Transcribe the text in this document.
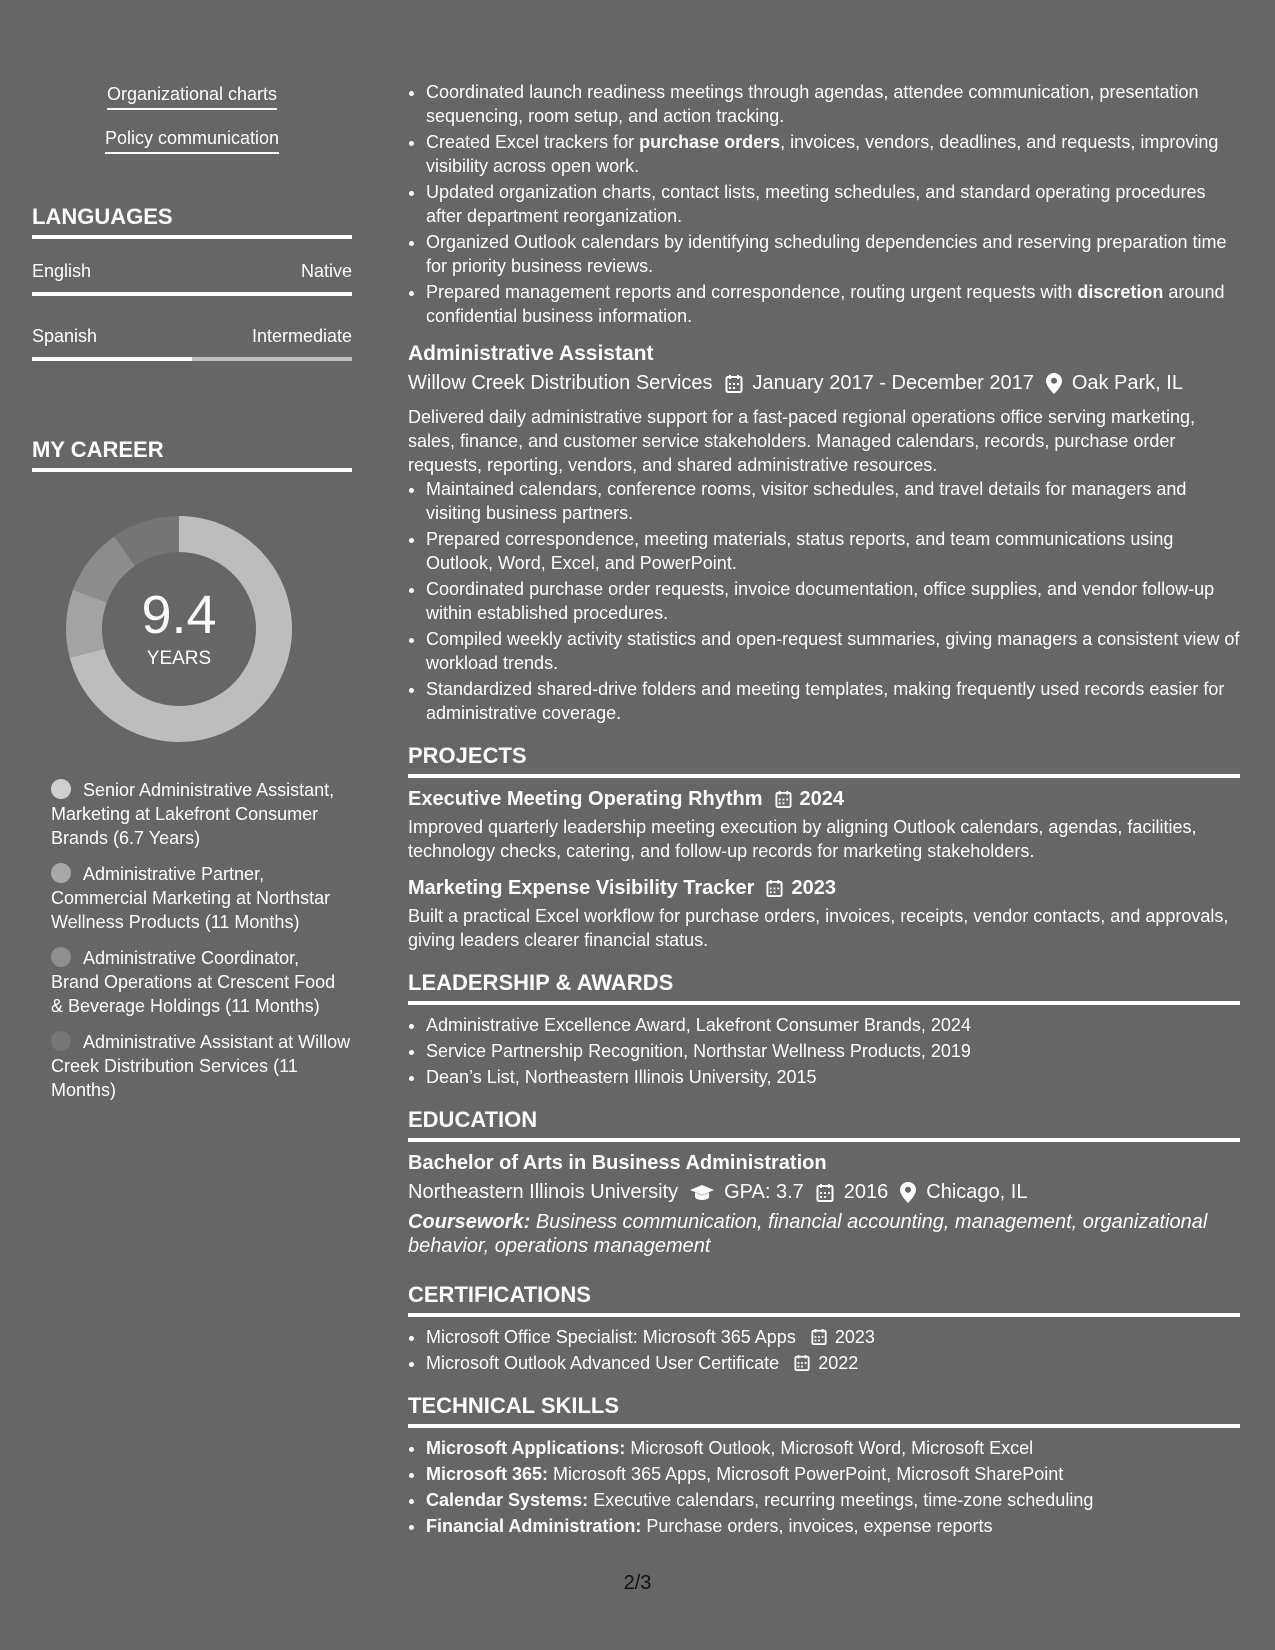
Organizational charts
Policy communication
LANGUAGES
English	Native
Spanish	Intermediate
MY CAREER
9.4
YEARS
Senior Administrative Assistant, Marketing at Lakefront Consumer Brands (6.7 Years)
Administrative Partner, Commercial Marketing at Northstar Wellness Products (11 Months)
Administrative Coordinator, Brand Operations at Crescent Food & Beverage Holdings (11 Months)
Administrative Assistant at Willow Creek Distribution Services (11 Months)
• Coordinated launch readiness meetings through agendas, attendee communication, presentation sequencing, room setup, and action tracking.
• Created Excel trackers for purchase orders, invoices, vendors, deadlines, and requests, improving visibility across open work.
• Updated organization charts, contact lists, meeting schedules, and standard operating procedures after department reorganization.
• Organized Outlook calendars by identifying scheduling dependencies and reserving preparation time for priority business reviews.
• Prepared management reports and correspondence, routing urgent requests with discretion around confidential business information.
Administrative Assistant
Willow Creek Distribution Services January 2017 - December 2017 Oak Park, IL
Delivered daily administrative support for a fast-paced regional operations office serving marketing, sales, finance, and customer service stakeholders. Managed calendars, records, purchase order requests, reporting, vendors, and shared administrative resources.
• Maintained calendars, conference rooms, visitor schedules, and travel details for managers and visiting business partners.
• Prepared correspondence, meeting materials, status reports, and team communications using Outlook, Word, Excel, and PowerPoint.
• Coordinated purchase order requests, invoice documentation, office supplies, and vendor follow-up within established procedures.
• Compiled weekly activity statistics and open-request summaries, giving managers a consistent view of workload trends.
• Standardized shared-drive folders and meeting templates, making frequently used records easier for administrative coverage.
PROJECTS
Executive Meeting Operating Rhythm 2024
Improved quarterly leadership meeting execution by aligning Outlook calendars, agendas, facilities, technology checks, catering, and follow-up records for marketing stakeholders.
Marketing Expense Visibility Tracker 2023
Built a practical Excel workflow for purchase orders, invoices, receipts, vendor contacts, and approvals, giving leaders clearer financial status.
LEADERSHIP & AWARDS
• Administrative Excellence Award, Lakefront Consumer Brands, 2024
• Service Partnership Recognition, Northstar Wellness Products, 2019
• Dean’s List, Northeastern Illinois University, 2015
EDUCATION
Bachelor of Arts in Business Administration
Northeastern Illinois University GPA: 3.7 2016 Chicago, IL
Coursework: Business communication, financial accounting, management, organizational behavior, operations management
CERTIFICATIONS
• Microsoft Office Specialist: Microsoft 365 Apps 2023
• Microsoft Outlook Advanced User Certificate 2022
TECHNICAL SKILLS
• Microsoft Applications: Microsoft Outlook, Microsoft Word, Microsoft Excel
• Microsoft 365: Microsoft 365 Apps, Microsoft PowerPoint, Microsoft SharePoint
• Calendar Systems: Executive calendars, recurring meetings, time-zone scheduling
• Financial Administration: Purchase orders, invoices, expense reports
2/3
